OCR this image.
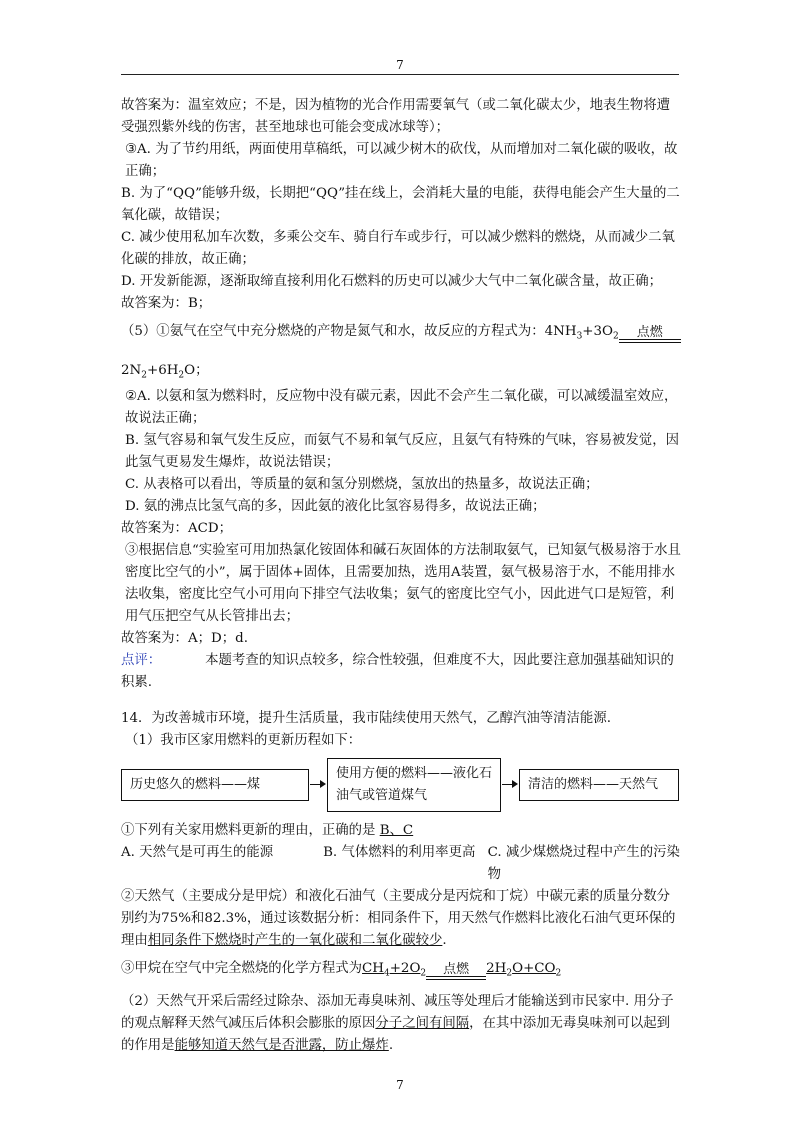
7

故答案为：温室效应；不是，因为植物的光合作用需要氧气（或二氧化碳太少，地表生物将遭受强烈紫外线的伤害，甚至地球也可能会变成冰球等）；

③A. 为了节约用纸，两面使用草稿纸，可以减少树木的砍伐，从而增加对二氧化碳的吸收，故正确；

B. 为了“QQ”能够升级，长期把“QQ”挂在线上，会消耗大量的电能，获得电能会产生大量的二氧化碳，故错误；

C. 减少使用私加车次数，多乘公交车、骑自行车或步行，可以减少燃料的燃烧，从而减少二氧化碳的排放，故正确；

D. 开发新能源，逐渐取缔直接利用化石燃料的历史可以减少大气中二氧化碳含量，故正确；

故答案为：B；

（5）①氨气在空气中充分燃烧的产物是氮气和水，故反应的方程式为：$4NH_3+3O_2$	点燃

$2N_2+6H_2O$；

②A. 以氨和氢为燃料时，反应物中没有碳元素，因此不会产生二氧化碳，可以减缓温室效应，故说法正确；

B. 氢气容易和氧气发生反应，而氨气不易和氧气反应，且氨气有特殊的气味，容易被发觉，因此氢气更易发生爆炸，故说法错误；

C. 从表格可以看出，等质量的氨和氢分别燃烧，氢放出的热量多，故说法正确；

D. 氨的沸点比氢气高的多，因此氨的液化比氢容易得多，故说法正确；

故答案为：ACD；

③根据信息“实验室可用加热氯化铵固体和碱石灰固体的方法制取氨气，已知氨气极易溶于水且密度比空气的小”，属于固体+固体，且需要加热，选用A装置，氨气极易溶于水，不能用排水法收集，密度比空气小可用向下排空气法收集；氨气的密度比空气小，因此进气口是短管，利用气压把空气从长管排出去；

故答案为：A；D；d.

点评：	本题考查的知识点较多，综合性较强，但难度不大，因此要注意加强基础知识的积累.

14．为改善城市环境，提升生活质量，我市陆续使用天然气，乙醇汽油等清洁能源.

（1）我市区家用燃料的更新历程如下：

历史悠久的燃料——煤
使用方便的燃料——液化石油气或管道煤气
清洁的燃料——天然气

①下列有关家用燃料更新的理由，正确的是 B、C

A. 天然气是可再生的能源	B. 气体燃料的利用率更高 C. 减少煤燃烧过程中产生的污染物

②天然气（主要成分是甲烷）和液化石油气（主要成分是丙烷和丁烷）中碳元素的质量分数分别约为75%和82.3%，通过该数据分析：相同条件下，用天然气作燃料比液化石油气更环保的理由相同条件下燃烧时产生的一氧化碳和二氧化碳较少.

③甲烷在空气中完全燃烧的化学方程式为$CH_4+2O_2$	点燃	$2H_2O+CO_2$

（2）天然气开采后需经过除杂、添加无毒臭味剂、减压等处理后才能输送到市民家中. 用分子的观点解释天然气减压后体积会膨胀的原因分子之间有间隔，在其中添加无毒臭味剂可以起到的作用是能够知道天然气是否泄露，防止爆炸.

7
